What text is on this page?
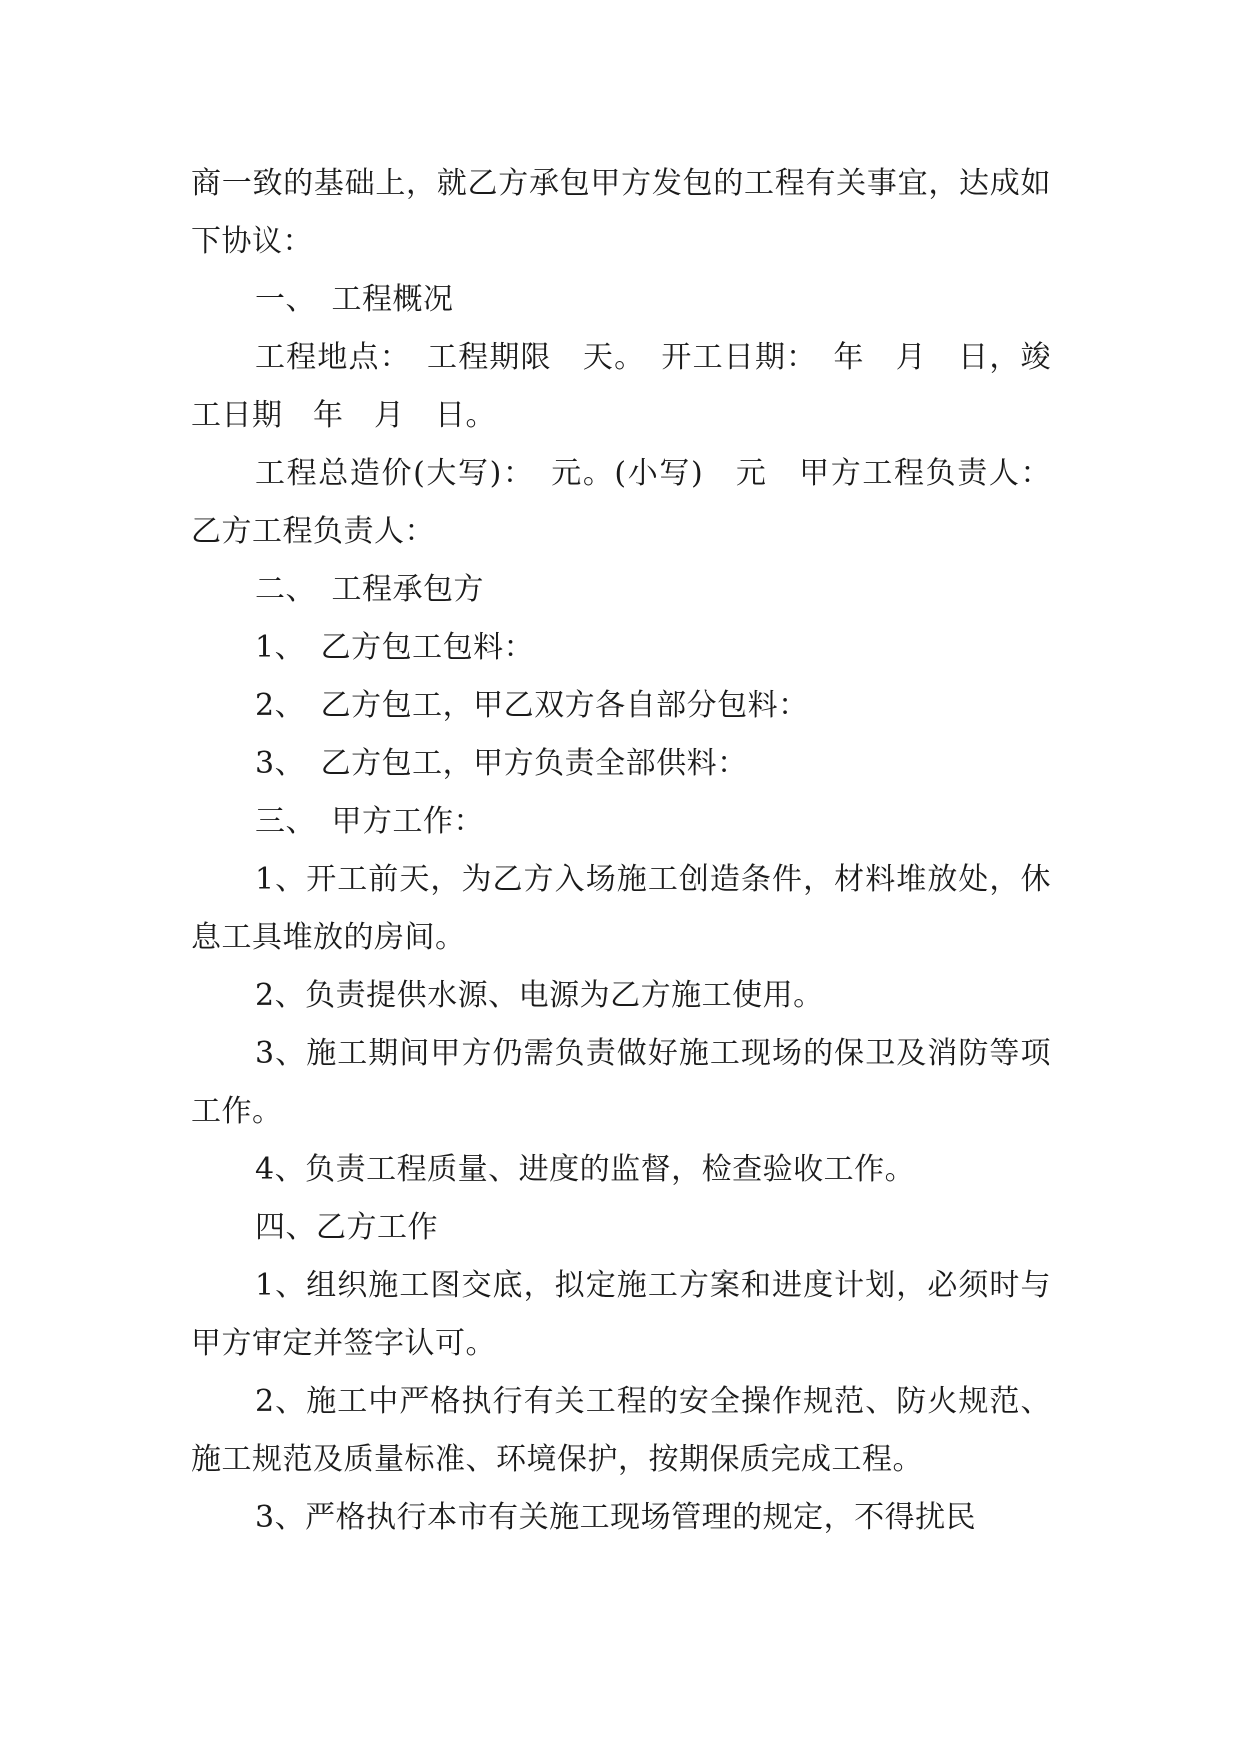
商一致的基础上，就乙方承包甲方发包的工程有关事宜，达成如下协议：

一、　工程概况

工程地点：　工程期限　天。　开工日期：　年　月　日，竣工日期　年　月　日。

工程总造价(大写)：　元。(小写)　元　甲方工程负责人：乙方工程负责人：

二、　工程承包方

1、　乙方包工包料：

2、　乙方包工，甲乙双方各自部分包料：

3、　乙方包工，甲方负责全部供料：

三、　甲方工作：

1、开工前天，为乙方入场施工创造条件，材料堆放处，休息工具堆放的房间。

2、负责提供水源、电源为乙方施工使用。

3、施工期间甲方仍需负责做好施工现场的保卫及消防等项工作。

4、负责工程质量、进度的监督，检查验收工作。

四、乙方工作

1、组织施工图交底，拟定施工方案和进度计划，必须时与甲方审定并签字认可。

2、施工中严格执行有关工程的安全操作规范、防火规范、施工规范及质量标准、环境保护，按期保质完成工程。

3、严格执行本市有关施工现场管理的规定，不得扰民
